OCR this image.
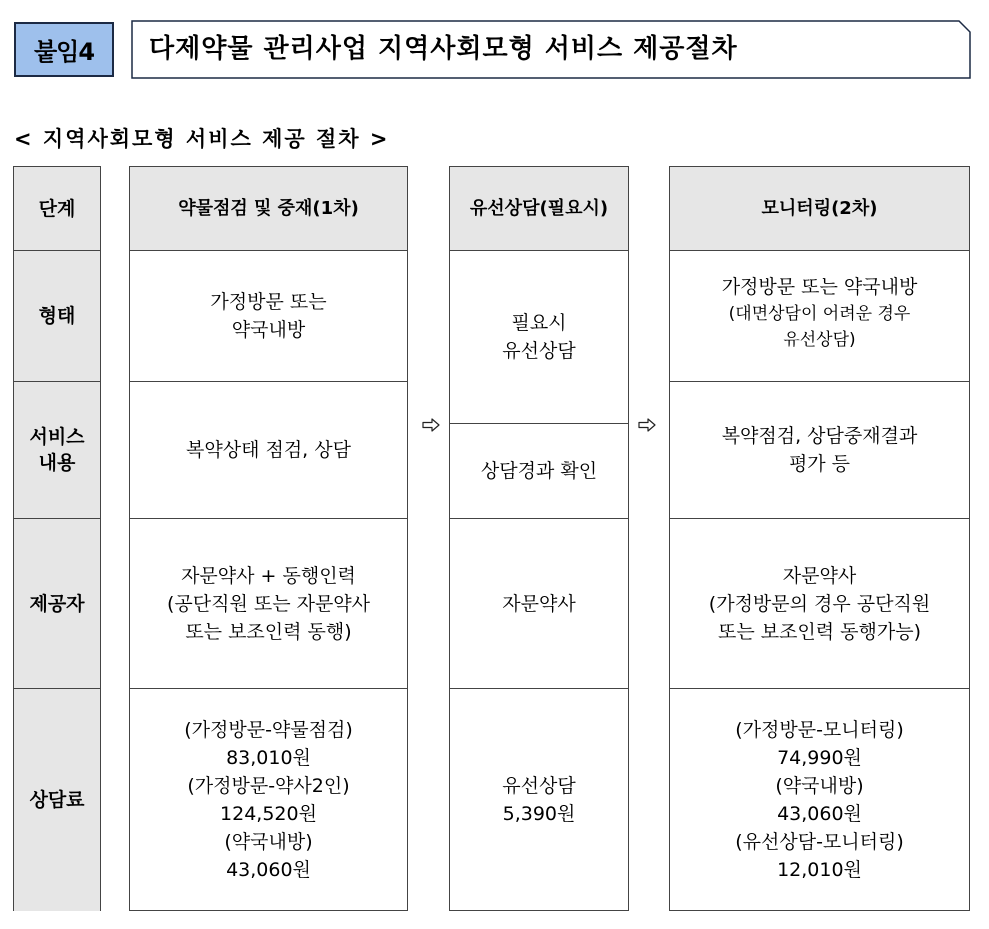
붙임4	다제약물 관리사업 지역사회모형 서비스 제공절차
< 지역사회모형 서비스 제공 절차 >
단계
형태
서비스
내용
제공자
상담료
약물점검 및 중재(1차)
가정방문 또는
약국내방
복약상태 점검, 상담
자문약사 + 동행인력
(공단직원 또는 자문약사
또는 보조인력 동행)
(가정방문-약물점검)
83,010원
(가정방문-약사2인)
124,520원
(약국내방)
43,060원
유선상담(필요시)
필요시
유선상담
상담경과 확인
자문약사
유선상담
5,390원
모니터링(2차)
가정방문 또는 약국내방
(대면상담이 어려운 경우
유선상담)
복약점검, 상담중재결과
평가 등
자문약사
(가정방문의 경우 공단직원
또는 보조인력 동행가능)
(가정방문-모니터링)
74,990원
(약국내방)
43,060원
(유선상담-모니터링)
12,010원
